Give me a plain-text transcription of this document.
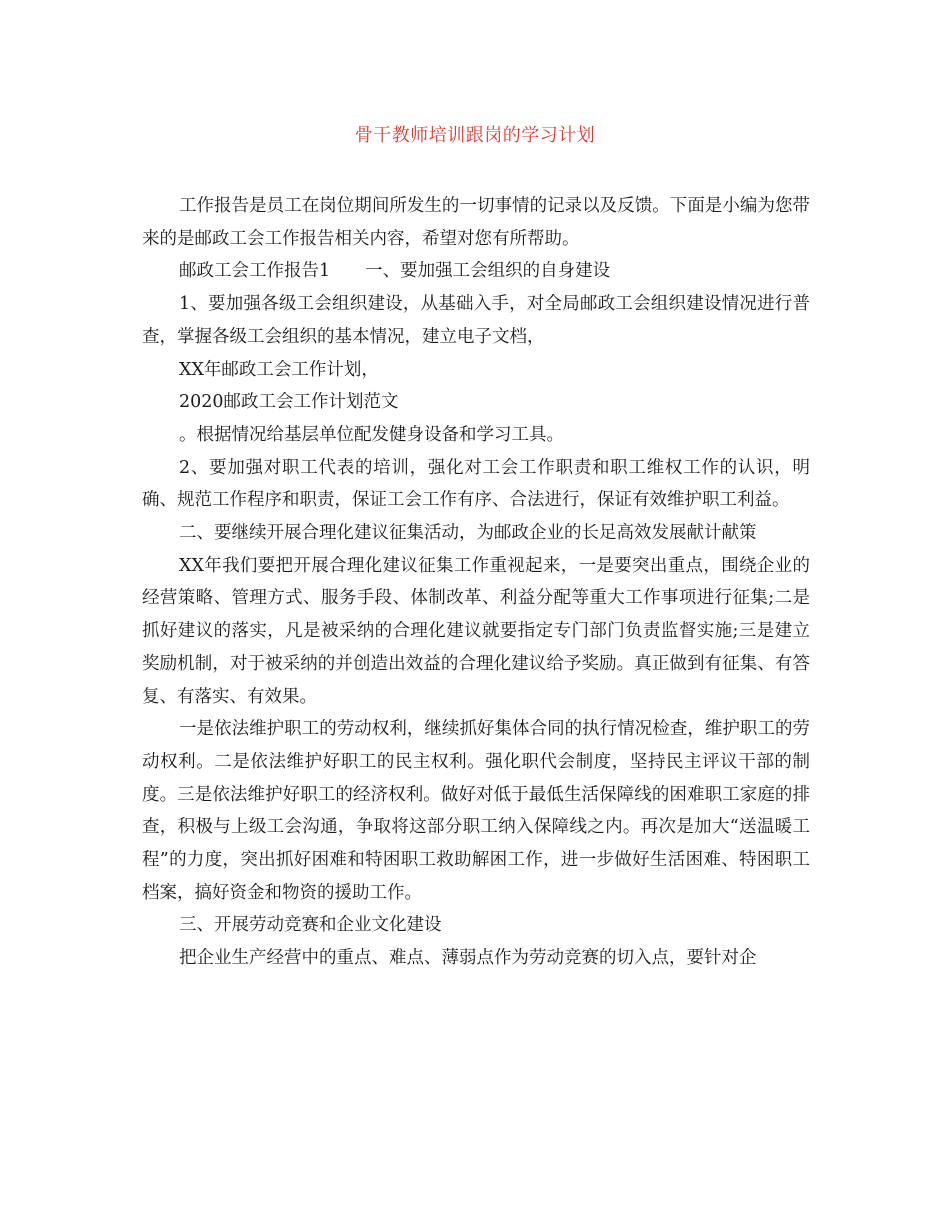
骨干教师培训跟岗的学习计划

工作报告是员工在岗位期间所发生的一切事情的记录以及反馈。下面是小编为您带来的是邮政工会工作报告相关内容，希望对您有所帮助。

邮政工会工作报告1　　一、要加强工会组织的自身建设

1、要加强各级工会组织建设，从基础入手，对全局邮政工会组织建设情况进行普查，掌握各级工会组织的基本情况，建立电子文档，

XX年邮政工会工作计划，

2020邮政工会工作计划范文

。根据情况给基层单位配发健身设备和学习工具。

2、要加强对职工代表的培训，强化对工会工作职责和职工维权工作的认识，明确、规范工作程序和职责，保证工会工作有序、合法进行，保证有效维护职工利益。

二、要继续开展合理化建议征集活动，为邮政企业的长足高效发展献计献策

XX年我们要把开展合理化建议征集工作重视起来，一是要突出重点，围绕企业的经营策略、管理方式、服务手段、体制改革、利益分配等重大工作事项进行征集;二是抓好建议的落实，凡是被采纳的合理化建议就要指定专门部门负责监督实施;三是建立奖励机制，对于被采纳的并创造出效益的合理化建议给予奖励。真正做到有征集、有答复、有落实、有效果。

一是依法维护职工的劳动权利，继续抓好集体合同的执行情况检查，维护职工的劳动权利。二是依法维护好职工的民主权利。强化职代会制度，坚持民主评议干部的制度。三是依法维护好职工的经济权利。做好对低于最低生活保障线的困难职工家庭的排查，积极与上级工会沟通，争取将这部分职工纳入保障线之内。再次是加大“送温暖工程”的力度，突出抓好困难和特困职工救助解困工作，进一步做好生活困难、特困职工档案，搞好资金和物资的援助工作。

三、开展劳动竞赛和企业文化建设

把企业生产经营中的重点、难点、薄弱点作为劳动竞赛的切入点，要针对企
